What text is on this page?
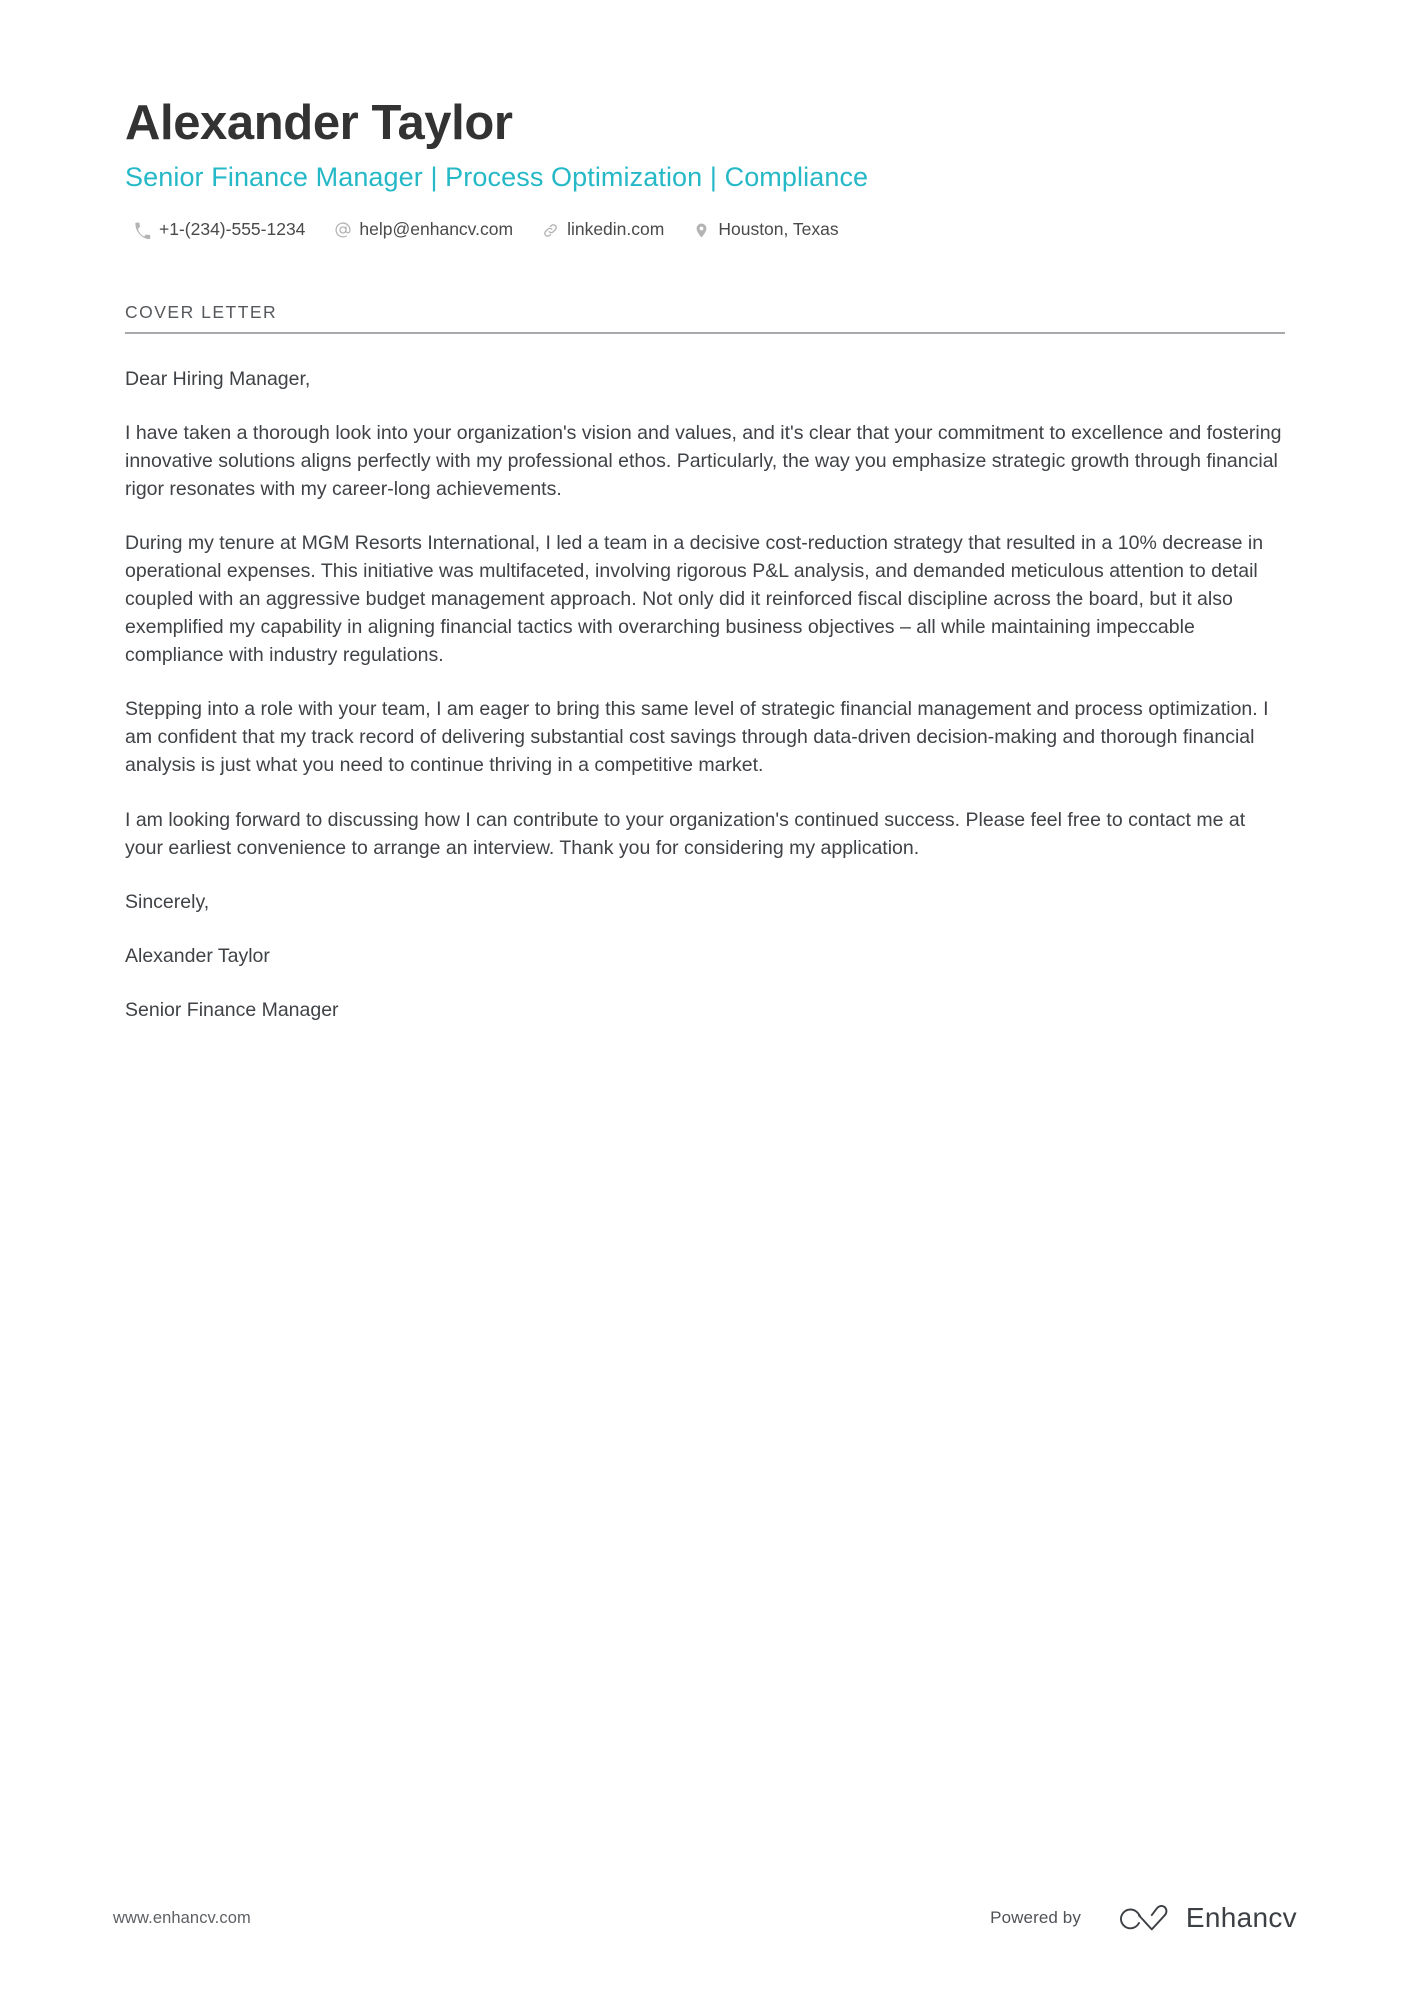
Alexander Taylor
Senior Finance Manager | Process Optimization | Compliance
+1-(234)-555-1234	help@enhancv.com	linkedin.com	Houston, Texas
COVER LETTER

Dear Hiring Manager,

I have taken a thorough look into your organization's vision and values, and it's clear that your commitment to excellence and fostering innovative solutions aligns perfectly with my professional ethos. Particularly, the way you emphasize strategic growth through financial rigor resonates with my career-long achievements.

During my tenure at MGM Resorts International, I led a team in a decisive cost-reduction strategy that resulted in a 10% decrease in operational expenses. This initiative was multifaceted, involving rigorous P&L analysis, and demanded meticulous attention to detail coupled with an aggressive budget management approach. Not only did it reinforced fiscal discipline across the board, but it also exemplified my capability in aligning financial tactics with overarching business objectives – all while maintaining impeccable compliance with industry regulations.

Stepping into a role with your team, I am eager to bring this same level of strategic financial management and process optimization. I am confident that my track record of delivering substantial cost savings through data-driven decision-making and thorough financial analysis is just what you need to continue thriving in a competitive market.

I am looking forward to discussing how I can contribute to your organization's continued success. Please feel free to contact me at your earliest convenience to arrange an interview. Thank you for considering my application.

Sincerely,

Alexander Taylor

Senior Finance Manager

www.enhancv.com	Powered by	Enhancv
